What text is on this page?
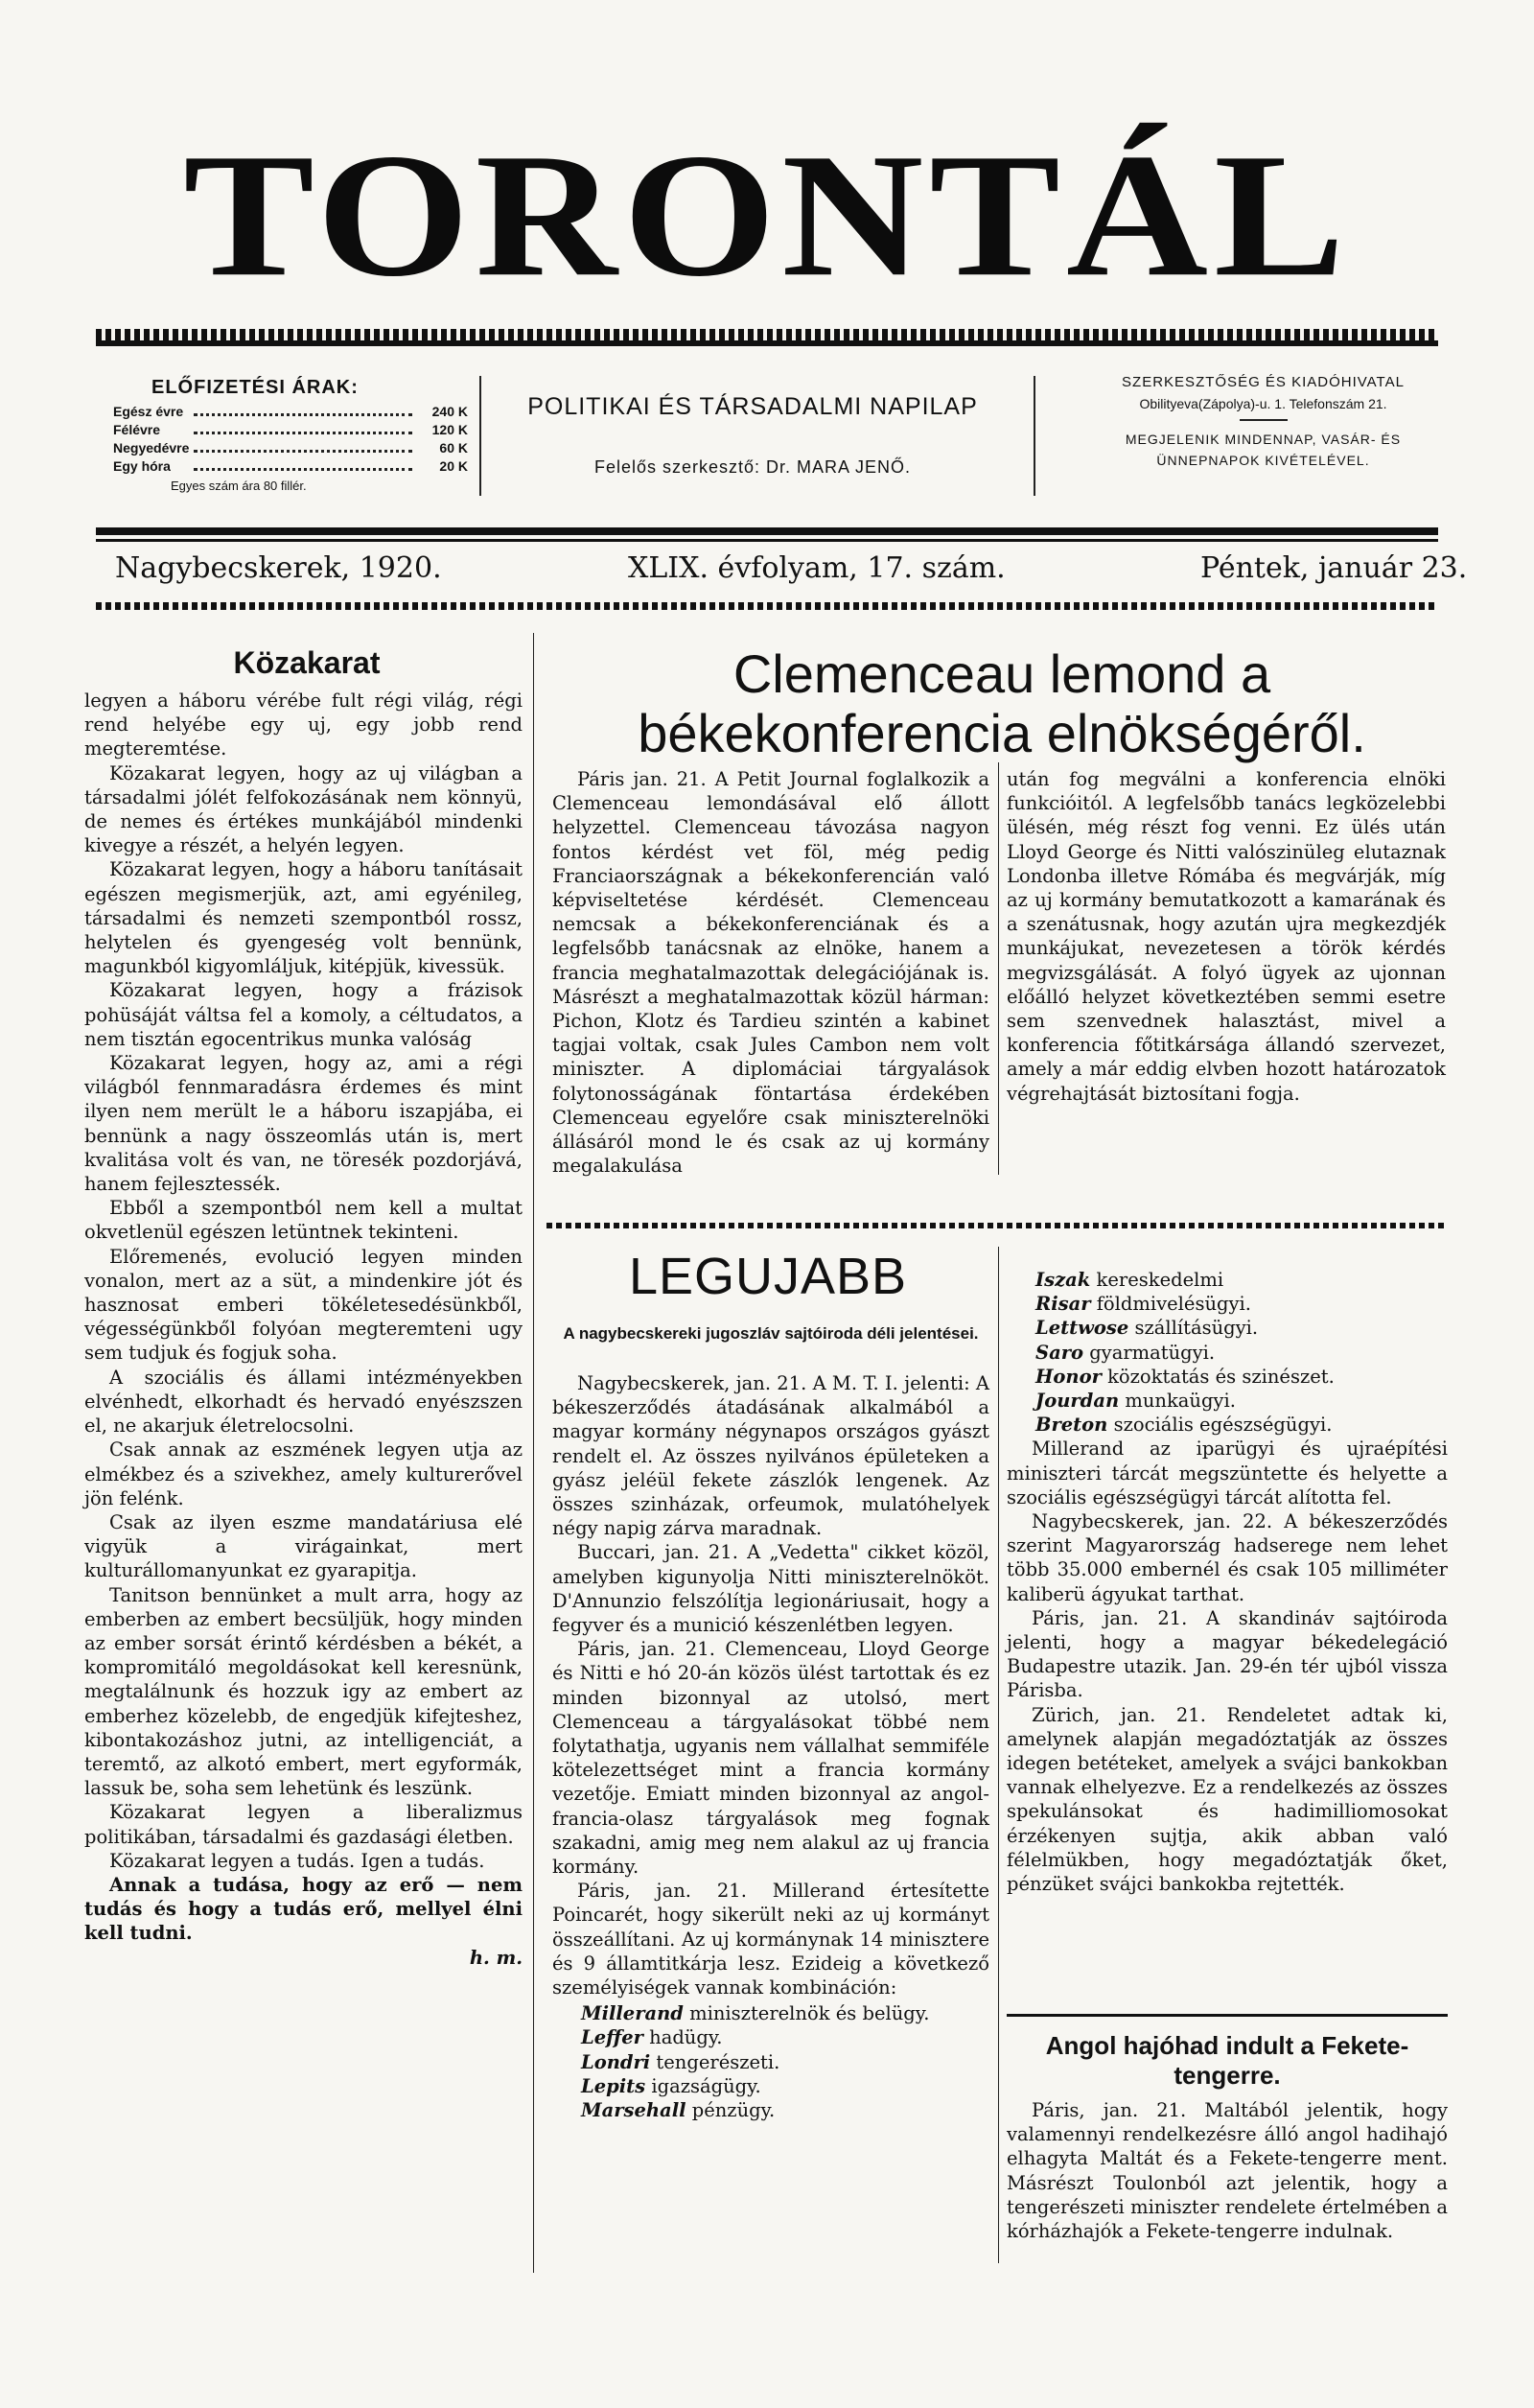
TORONTÁL
ELŐFIZETÉSI ÁRAK:
Egész évre	240 K
Félévre	120 K
Negyedévre	60 K
Egy hóra	20 K
Egyes szám ára 80 fillér.
POLITIKAI ÉS TÁRSADALMI NAPILAP
Felelős szerkesztő: Dr. MARA JENŐ.
SZERKESZTŐSÉG ÉS KIADÓHIVATAL
Obilityeva(Zápolya)-u. 1. Telefonszám 21.
MEGJELENIK MINDENNAP, VASÁR- ÉS ÜNNEPNAPOK KIVÉTELÉVEL.
Nagybecskerek, 1920.	XLIX. évfolyam, 17. szám.	Péntek, január 23.
Közakarat

legyen a háboru vérébe fult régi világ, régi rend helyébe egy uj, egy jobb rend megteremtése.

Közakarat legyen, hogy az uj világban a társadalmi jólét felfokozásának nem könnyü, de nemes és értékes munkájából mindenki kivegye a részét, a helyén legyen.

Közakarat legyen, hogy a háboru tanításait egészen megismerjük, azt, ami egyénileg, társadalmi és nemzeti szempontból rossz, helytelen és gyengeség volt bennünk, magunkból kigyomláljuk, kitépjük, kivessük.

Közakarat legyen, hogy a frázisok pohüsáját váltsa fel a komoly, a céltudatos, a nem tisztán egocentrikus munka valóság

Közakarat legyen, hogy az, ami a régi világból fennmaradásra érdemes és mint ilyen nem merült le a háboru iszapjába, ei bennünk a nagy összeomlás után is, mert kvalitása volt és van, ne töresék pozdorjává, hanem fejlesztessék.

Ebből a szempontból nem kell a multat okvetlenül egészen letüntnek tekinteni.

Előremenés, evolució legyen minden vonalon, mert az a süt, a mindenkire jót és hasznosat emberi tökéletesedésünkből, végességünkből folyóan megteremteni ugy sem tudjuk és fogjuk soha.

A szociális és állami intézményekben elvénhedt, elkorhadt és hervadó enyészszen el, ne akarjuk életrelocsolni.

Csak annak az eszmének legyen utja az elmékbez és a szivekhez, amely kulturerővel jön felénk.

Csak az ilyen eszme mandatáriusa elé vigyük a virágainkat, mert kulturállomanyunkat ez gyarapitja.

Tanitson bennünket a mult arra, hogy az emberben az embert becsüljük, hogy minden az ember sorsát érintő kérdésben a békét, a kompromitáló megoldásokat kell keresnünk, megtalálnunk és hozzuk igy az embert az emberhez közelebb, de engedjük kifejteshez, kibontakozáshoz jutni, az intelligenciát, a teremtő, az alkotó embert, mert egyformák, lassuk be, soha sem lehetünk és leszünk.

Közakarat legyen a liberalizmus politikában, társadalmi és gazdasági életben.

Közakarat legyen a tudás. Igen a tudás.

Annak a tudása, hogy az erő — nem tudás és hogy a tudás erő, mellyel élni kell tudni.

h. m.
Clemenceau lemond a békekonferencia elnökségéről.

Páris jan. 21. A Petit Journal foglalkozik a Clemenceau lemondásával elő állott helyzettel. Clemenceau távozása nagyon fontos kérdést vet föl, még pedig Franciaországnak a békekonferencián való képviseltetése kérdését. Clemenceau nemcsak a békekonferenciának és a legfelsőbb tanácsnak az elnöke, hanem a francia meghatalmazottak delegációjának is. Másrészt a meghatalmazottak közül hárman: Pichon, Klotz és Tardieu szintén a kabinet tagjai voltak, csak Jules Cambon nem volt miniszter. A diplomáciai tárgyalások folytonosságának föntartása érdekében Clemenceau egyelőre csak miniszterelnöki állásáról mond le és csak az uj kormány megalakulása

után fog megválni a konferencia elnöki funkcióitól. A legfelsőbb tanács legközelebbi ülésén, még részt fog venni. Ez ülés után Lloyd George és Nitti valószinüleg elutaznak Londonba illetve Rómába és megvárják, míg az uj kormány bemutatkozott a kamarának és a szenátusnak, hogy azután ujra megkezdjék munkájukat, nevezetesen a török kérdés megvizsgálását. A folyó ügyek az ujonnan előálló helyzet következtében semmi esetre sem szenvednek halasztást, mivel a konferencia főtitkársága állandó szervezet, amely a már eddig elvben hozott határozatok végrehajtását biztosítani fogja.

LEGUJABB
A nagybecskereki jugoszláv sajtóiroda déli jelentései.

Nagybecskerek, jan. 21. A M. T. I. jelenti: A békeszerződés átadásának alkalmából a magyar kormány négynapos országos gyászt rendelt el. Az összes nyilvános épületeken a gyász jeléül fekete zászlók lengenek. Az összes szinházak, orfeumok, mulatóhelyek négy napig zárva maradnak.

Buccari, jan. 21. A „Vedetta" cikket közöl, amelyben kigunyolja Nitti miniszterelnököt. D'Annunzio felszólítja legionáriusait, hogy a fegyver és a munició készenlétben legyen.

Páris, jan. 21. Clemenceau, Lloyd George és Nitti e hó 20-án közös ülést tartottak és ez minden bizonnyal az utolsó, mert Clemenceau a tárgyalásokat többé nem folytathatja, ugyanis nem vállalhat semmiféle kötelezettséget mint a francia kormány vezetője. Emiatt minden bizonnyal az angol-francia-olasz tárgyalások meg fognak szakadni, amig meg nem alakul az uj francia kormány.

Páris, jan. 21. Millerand értesítette Poincarét, hogy sikerült neki az uj kormányt összeállítani. Az uj kormánynak 14 minisztere és 9 államtitkárja lesz. Ezideig a következő személyiségek vannak kombináción:

Millerand miniszterelnök és belügy.
Leffer hadügy.
Londri tengerészeti.
Lepits igazságügy.
Marsehall pénzügy.
Iszak kereskedelmi
Risar földmivelésügyi.
Lettwose szállításügyi.
Saro gyarmatügyi.
Honor közoktatás és szinészet.
Jourdan munkaügyi.
Breton szociális egészségügyi.

Millerand az iparügyi és ujraépítési miniszteri tárcát megszüntette és helyette a szociális egészségügyi tárcát alította fel.

Nagybecskerek, jan. 22. A békeszerződés szerint Magyarország hadserege nem lehet több 35.000 embernél és csak 105 milliméter kaliberü ágyukat tarthat.

Páris, jan. 21. A skandináv sajtóiroda jelenti, hogy a magyar békedelegáció Budapestre utazik. Jan. 29-én tér ujból vissza Párisba.

Zürich, jan. 21. Rendeletet adtak ki, amelynek alapján megadóztatják az összes idegen betéteket, amelyek a svájci bankokban vannak elhelyezve. Ez a rendelkezés az összes spekulánsokat és hadimilliomosokat érzékenyen sujtja, akik abban való félelmükben, hogy megadóztatják őket, pénzüket svájci bankokba rejtették.

Angol hajóhad indult a Fekete-tengerre.

Páris, jan. 21. Maltából jelentik, hogy valamennyi rendelkezésre álló angol hadihajó elhagyta Maltát és a Fekete-tengerre ment. Másrészt Toulonból azt jelentik, hogy a tengerészeti miniszter rendelete értelmében a kórházhajók a Fekete-tengerre indulnak.
